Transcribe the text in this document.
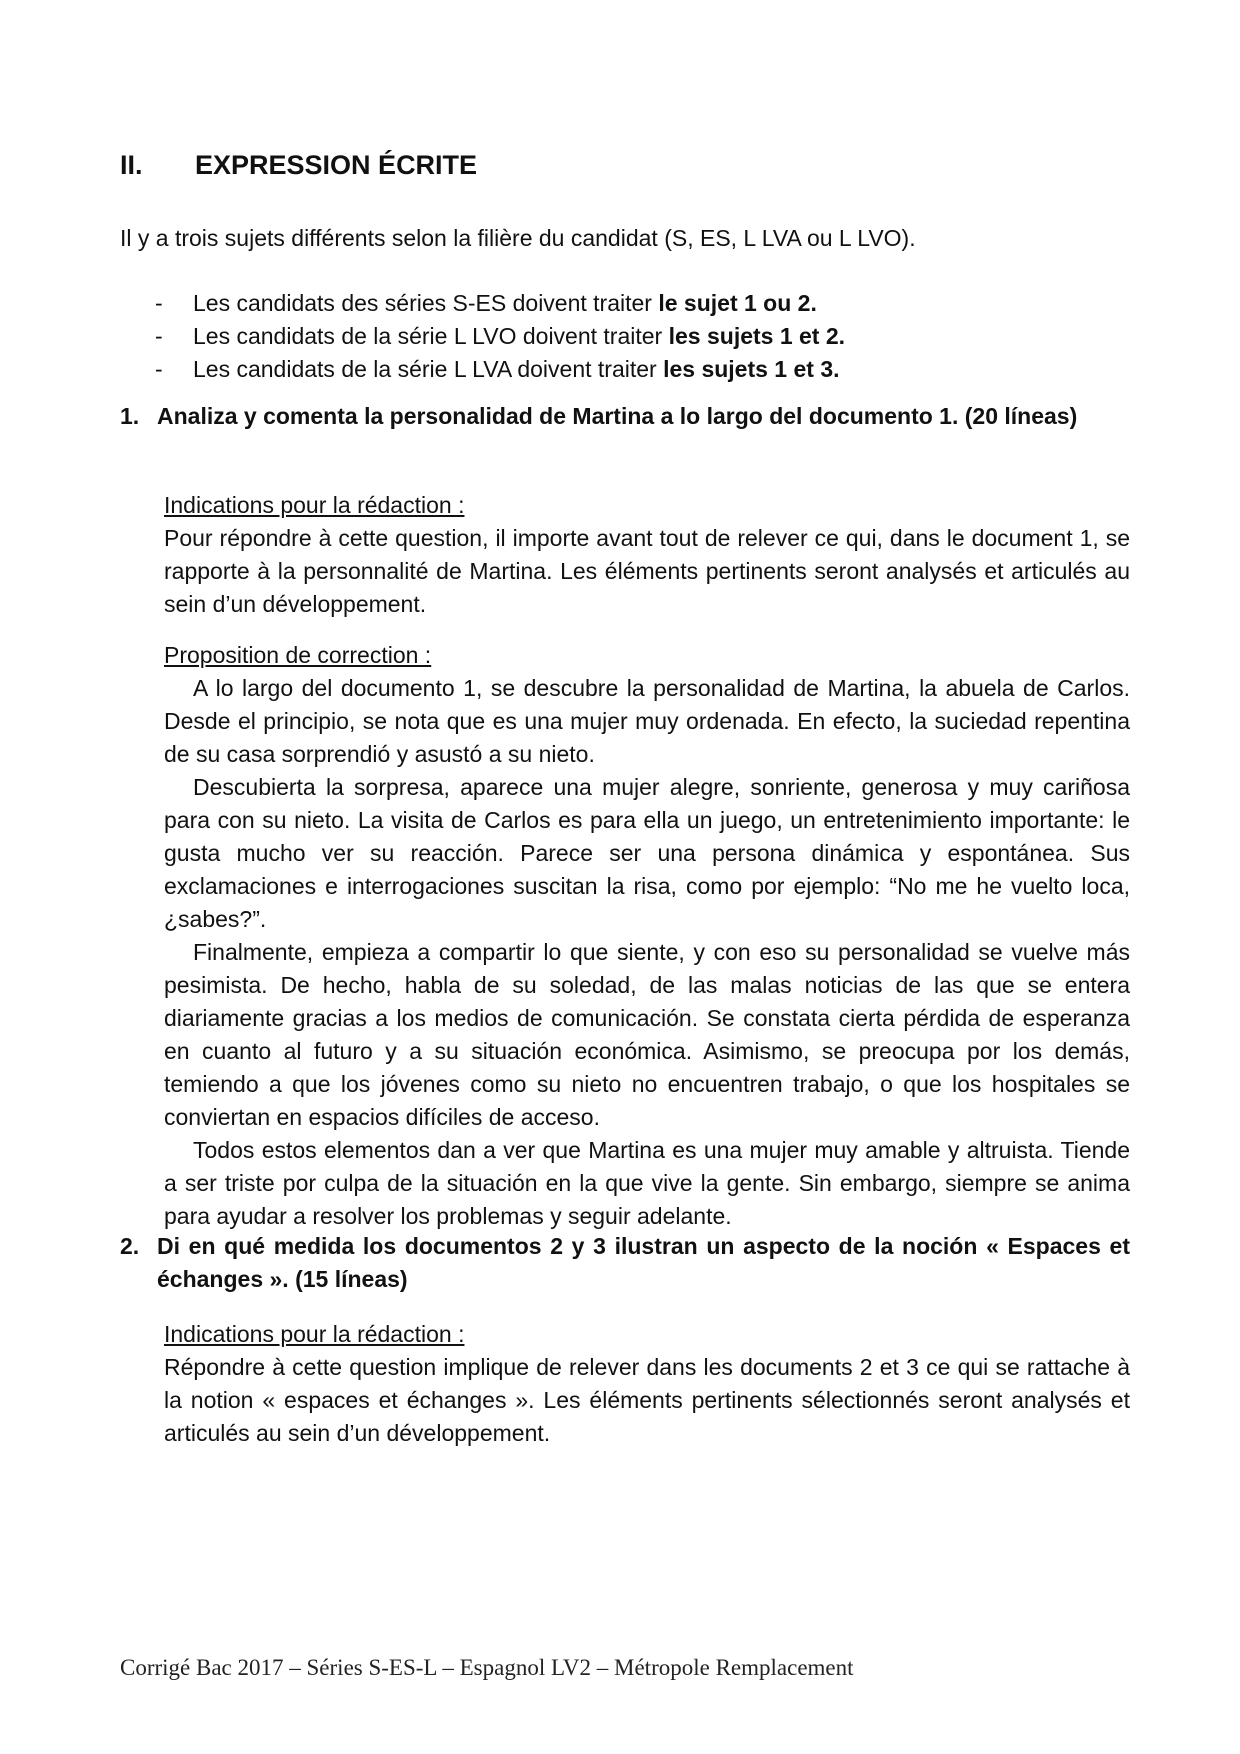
II. EXPRESSION ÉCRITE
Il y a trois sujets différents selon la filière du candidat (S, ES, L LVA ou L LVO).
- Les candidats des séries S-ES doivent traiter le sujet 1 ou 2.
- Les candidats de la série L LVO doivent traiter les sujets 1 et 2.
- Les candidats de la série L LVA doivent traiter les sujets 1 et 3.
1. Analiza y comenta la personalidad de Martina a lo largo del documento 1. (20 líneas)
Indications pour la rédaction :

Pour répondre à cette question, il importe avant tout de relever ce qui, dans le document 1, se rapporte à la personnalité de Martina. Les éléments pertinents seront analysés et articulés au sein d’un développement.

Proposition de correction :

A lo largo del documento 1, se descubre la personalidad de Martina, la abuela de Carlos. Desde el principio, se nota que es una mujer muy ordenada. En efecto, la suciedad repentina de su casa sorprendió y asustó a su nieto.

Descubierta la sorpresa, aparece una mujer alegre, sonriente, generosa y muy cariñosa para con su nieto. La visita de Carlos es para ella un juego, un entretenimiento importante: le gusta mucho ver su reacción. Parece ser una persona dinámica y espontánea. Sus exclamaciones e interrogaciones suscitan la risa, como por ejemplo: “No me he vuelto loca, ¿sabes?”.

Finalmente, empieza a compartir lo que siente, y con eso su personalidad se vuelve más pesimista. De hecho, habla de su soledad, de las malas noticias de las que se entera diariamente gracias a los medios de comunicación. Se constata cierta pérdida de esperanza en cuanto al futuro y a su situación económica. Asimismo, se preocupa por los demás, temiendo a que los jóvenes como su nieto no encuentren trabajo, o que los hospitales se conviertan en espacios difíciles de acceso.

Todos estos elementos dan a ver que Martina es una mujer muy amable y altruista. Tiende a ser triste por culpa de la situación en la que vive la gente. Sin embargo, siempre se anima para ayudar a resolver los problemas y seguir adelante.

2. Di en qué medida los documentos 2 y 3 ilustran un aspecto de la noción « Espaces et échanges ». (15 líneas)
Indications pour la rédaction :

Répondre à cette question implique de relever dans les documents 2 et 3 ce qui se rattache à la notion « espaces et échanges ». Les éléments pertinents sélectionnés seront analysés et articulés au sein d’un développement.

Corrigé Bac 2017 – Séries S-ES-L – Espagnol LV2 – Métropole Remplacement
